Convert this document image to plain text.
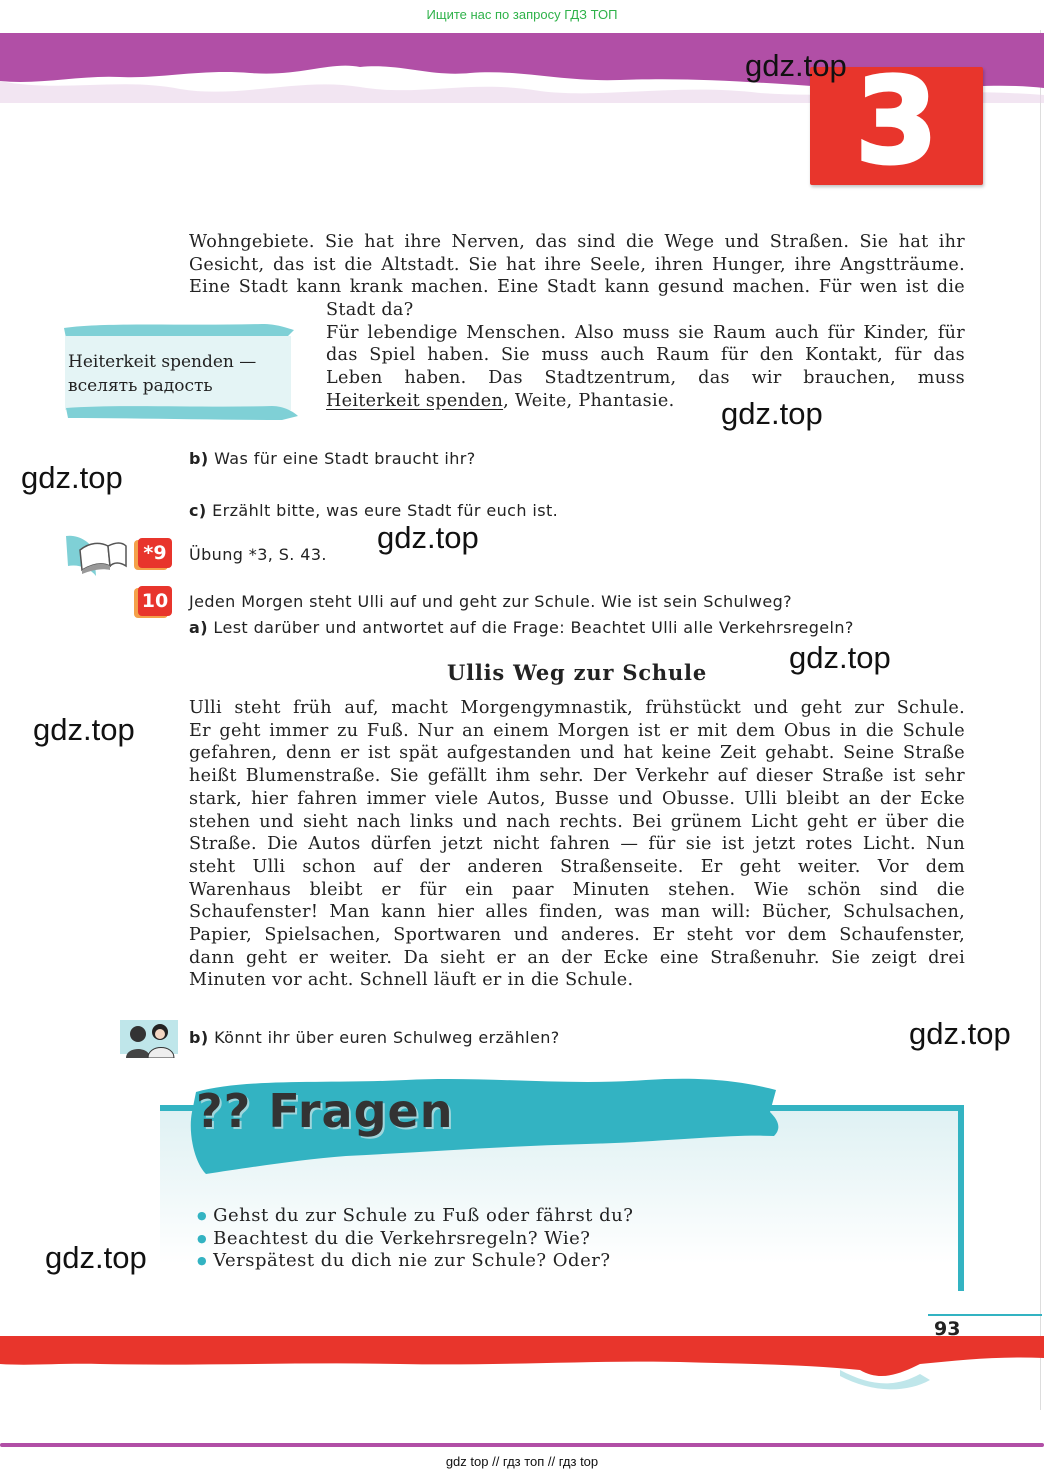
Ищите нас по запросу ГДЗ ТОП
3
gdz.top
gdz.top
gdz.top
gdz.top
gdz.top
gdz.top
gdz.top
gdz.top
Wohngebiete. Sie hat ihre Nerven, das sind die Wege und Straßen. Sie hat ihr
Gesicht, das ist die Altstadt. Sie hat ihre Seele, ihren Hunger, ihre Angstträume.
Eine Stadt kann krank machen. Eine Stadt kann gesund machen. Für wen ist die
Stadt da?
Für lebendige Menschen. Also muss sie Raum auch für Kinder, für
das Spiel haben. Sie muss auch Raum für den Kontakt, für das
Leben haben. Das Stadtzentrum, das wir brauchen, muss
Heiterkeit spenden, Weite, Phantasie.
Heiterkeit spenden —
вселять радость
b) Was für eine Stadt braucht ihr?
c) Erzählt bitte, was eure Stadt für euch ist.
*9	Übung *3, S. 43.
10 Jeden Morgen steht Ulli auf und geht zur Schule. Wie ist sein Schulweg?
a) Lest darüber und antwortet auf die Frage: Beachtet Ulli alle Verkehrsregeln?
Ullis Weg zur Schule
Ulli steht früh auf, macht Morgengymnastik, frühstückt und geht zur Schule.
Er geht immer zu Fuß. Nur an einem Morgen ist er mit dem Obus in die Schule
gefahren, denn er ist spät aufgestanden und hat keine Zeit gehabt. Seine Straße
heißt Blumenstraße. Sie gefällt ihm sehr. Der Verkehr auf dieser Straße ist sehr
stark, hier fahren immer viele Autos, Busse und Obusse. Ulli bleibt an der Ecke
stehen und sieht nach links und nach rechts. Bei grünem Licht geht er über die
Straße. Die Autos dürfen jetzt nicht fahren — für sie ist jetzt rotes Licht. Nun
steht Ulli schon auf der anderen Straßenseite. Er geht weiter. Vor dem
Warenhaus bleibt er für ein paar Minuten stehen. Wie schön sind die
Schaufenster! Man kann hier alles finden, was man will: Bücher, Schulsachen,
Papier, Spielsachen, Sportwaren und anderes. Er steht vor dem Schaufenster,
dann geht er weiter. Da sieht er an der Ecke eine Straßenuhr. Sie zeigt drei
Minuten vor acht. Schnell läuft er in die Schule.
b) Könnt ihr über euren Schulweg erzählen?
?? Fragen
● Gehst du zur Schule zu Fuß oder fährst du?
● Beachtest du die Verkehrsregeln? Wie?
● Verspätest du dich nie zur Schule? Oder?
93
gdz top // гдз топ // гдз top
